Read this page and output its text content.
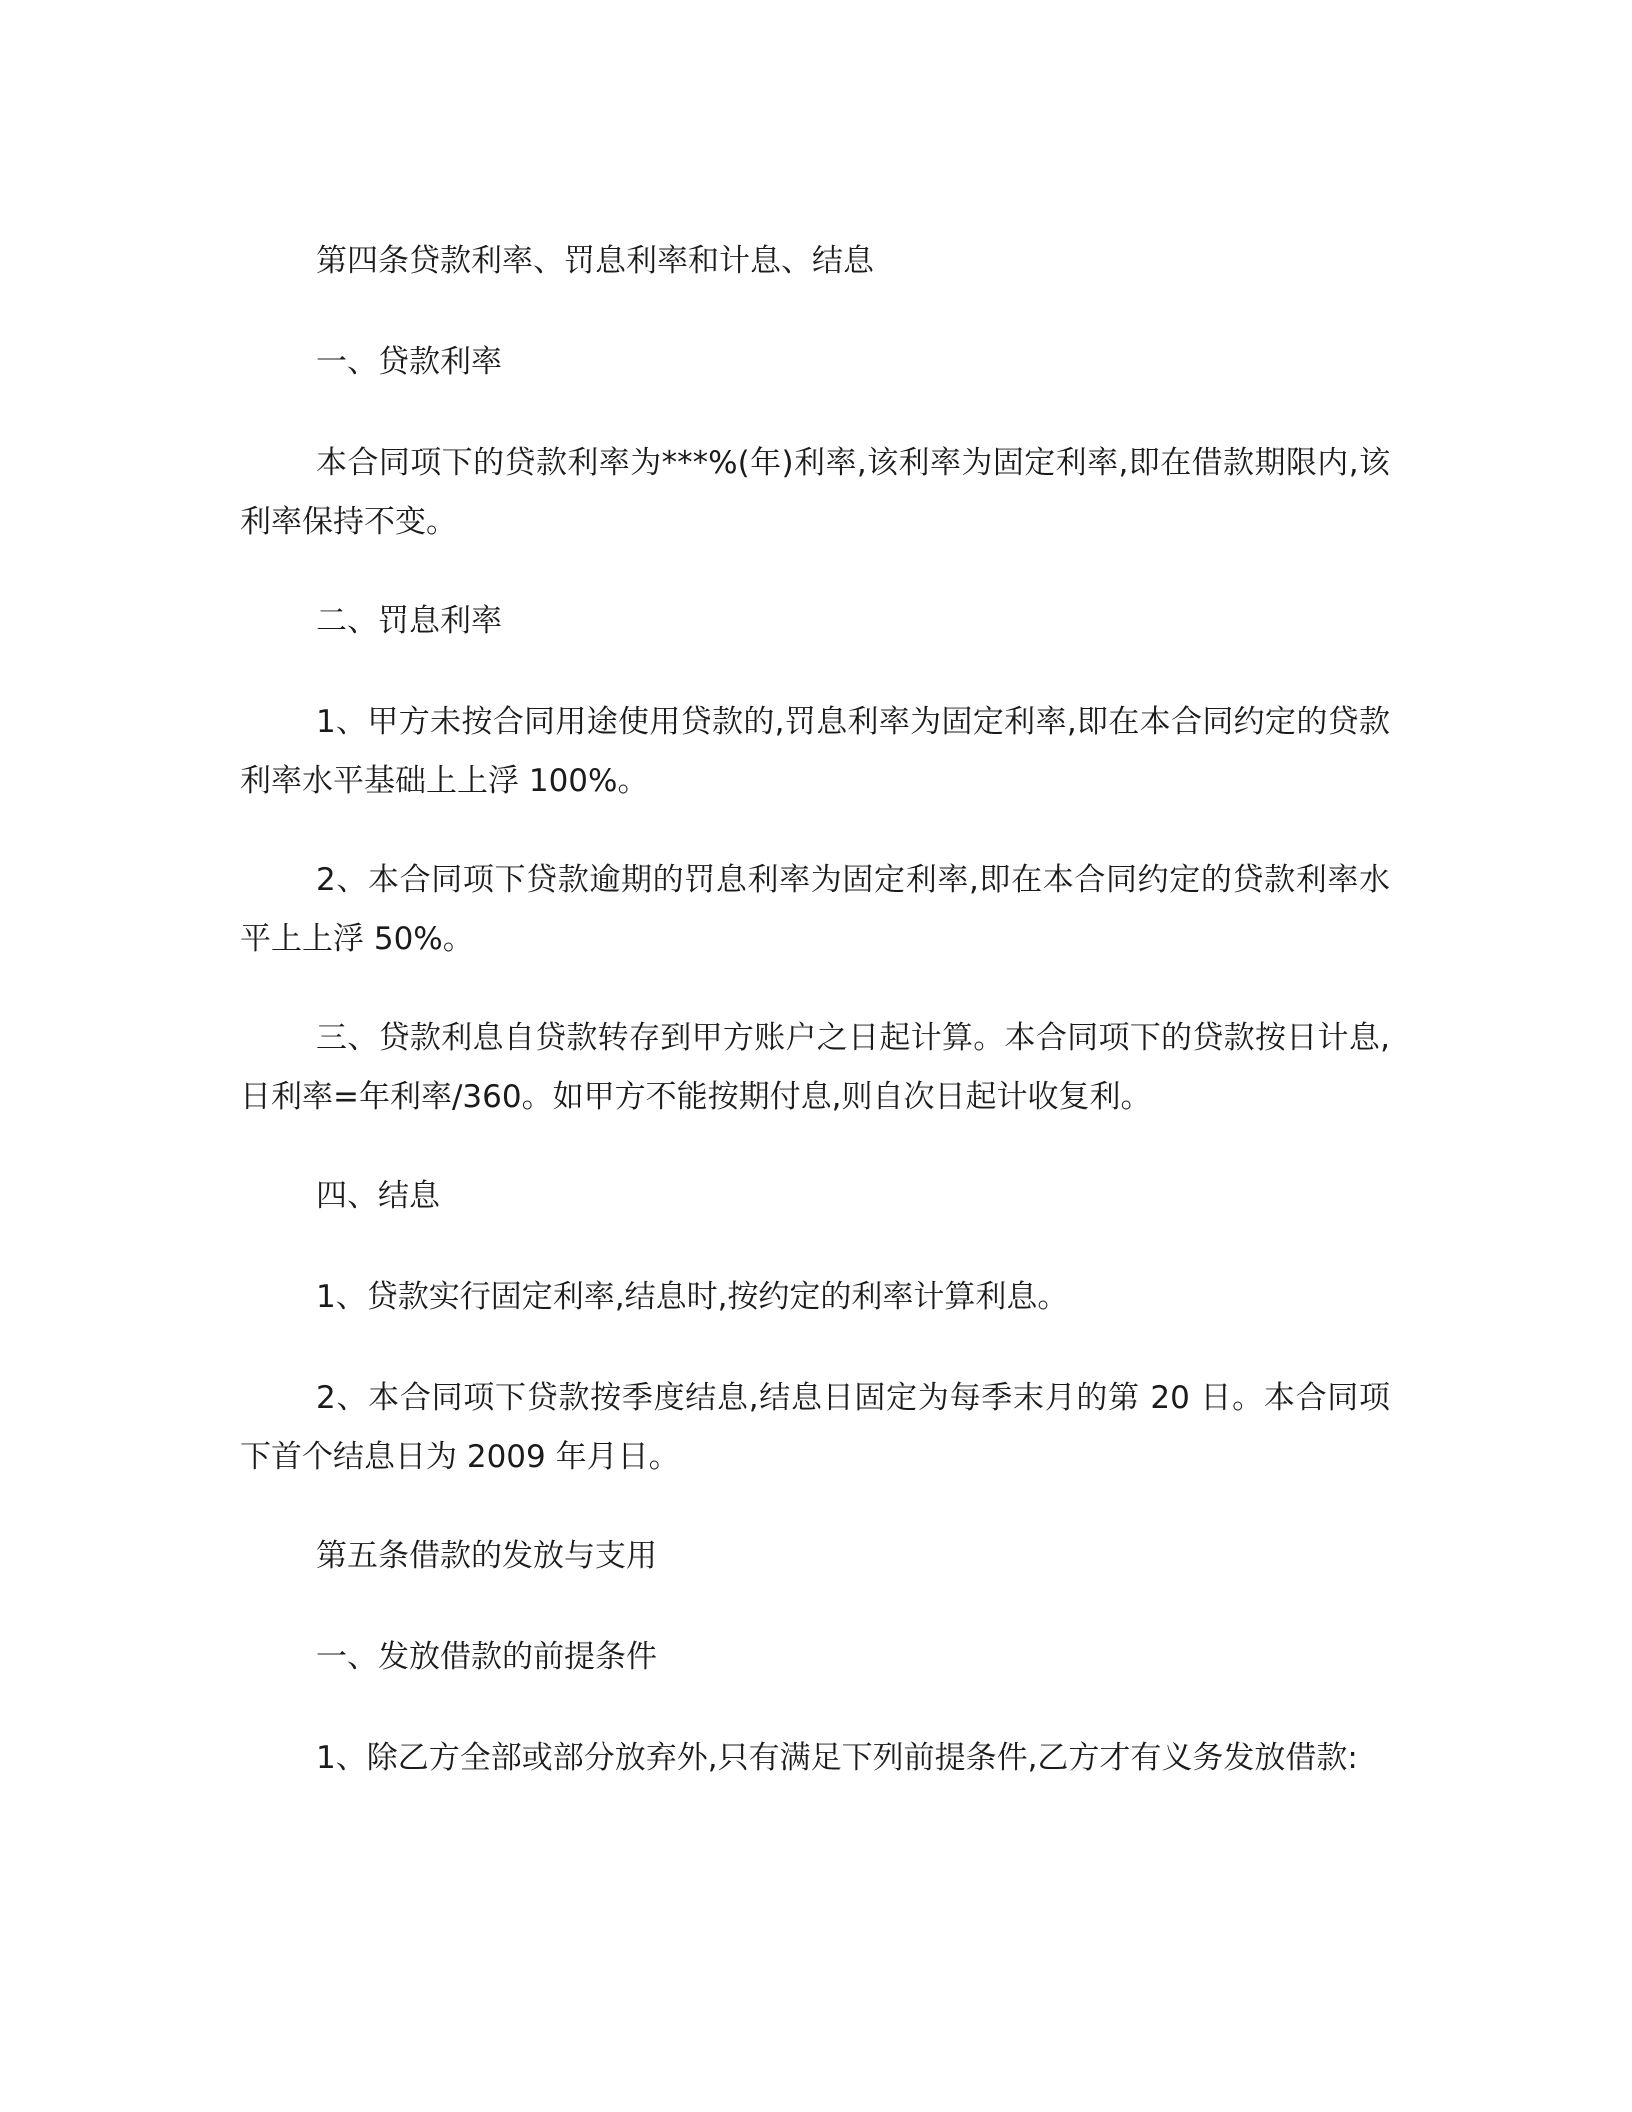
第四条贷款利率、罚息利率和计息、结息

一、贷款利率

本合同项下的贷款利率为***%(年)利率,该利率为固定利率,即在借款期限内,该利率保持不变。

二、罚息利率

1、甲方未按合同用途使用贷款的,罚息利率为固定利率,即在本合同约定的贷款利率水平基础上上浮 100%。

2、本合同项下贷款逾期的罚息利率为固定利率,即在本合同约定的贷款利率水平上上浮 50%。

三、贷款利息自贷款转存到甲方账户之日起计算。本合同项下的贷款按日计息,日利率=年利率/360。如甲方不能按期付息,则自次日起计收复利。

四、结息

1、贷款实行固定利率,结息时,按约定的利率计算利息。

2、本合同项下贷款按季度结息,结息日固定为每季末月的第 20 日。本合同项下首个结息日为 2009 年月日。

第五条借款的发放与支用

一、发放借款的前提条件

1、除乙方全部或部分放弃外,只有满足下列前提条件,乙方才有义务发放借款:
